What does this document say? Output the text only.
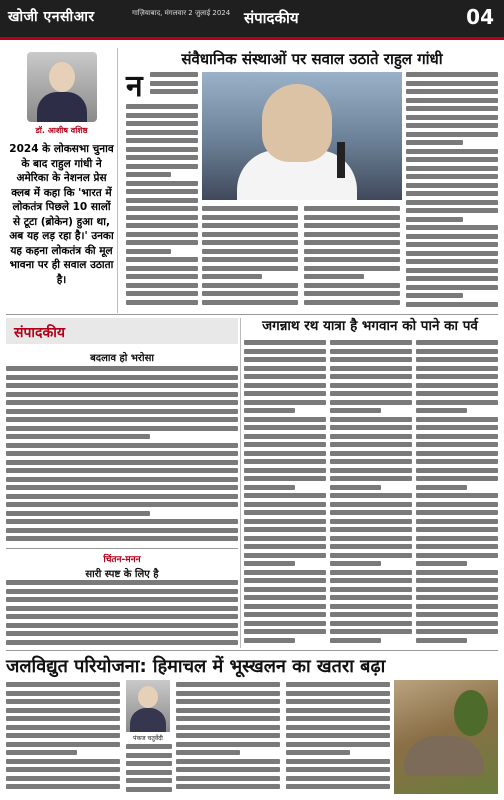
खोजी एनसीआर	गाज़ियाबाद, मंगलवार 2 जुलाई 2024 संपादकीय	04
डॉ. आशीष वशिष्ठ
2024 के लोकसभा चुनाव के बाद राहुल गांधी ने अमेरिका के नेशनल प्रेस क्लब में कहा कि 'भारत में लोकतंत्र पिछले 10 सालों से टूटा (ब्रोकेन) हुआ था, अब यह लड़ रहा है।' उनका यह कहना लोकतंत्र की मूल भावना पर ही सवाल उठाता है।
संवैधानिक संस्थाओं पर सवाल उठाते राहुल गांधी
न
संपादकीय
बदलाव हो भरोसा
जगन्नाथ रथ यात्रा है भगवान को पाने का पर्व
चिंतन-मनन
सारी स्पष्ट के लिए है
जलविद्युत परियोजना: हिमाचल में भूस्खलन का खतरा बढ़ा
पंकज चतुर्वेदी
